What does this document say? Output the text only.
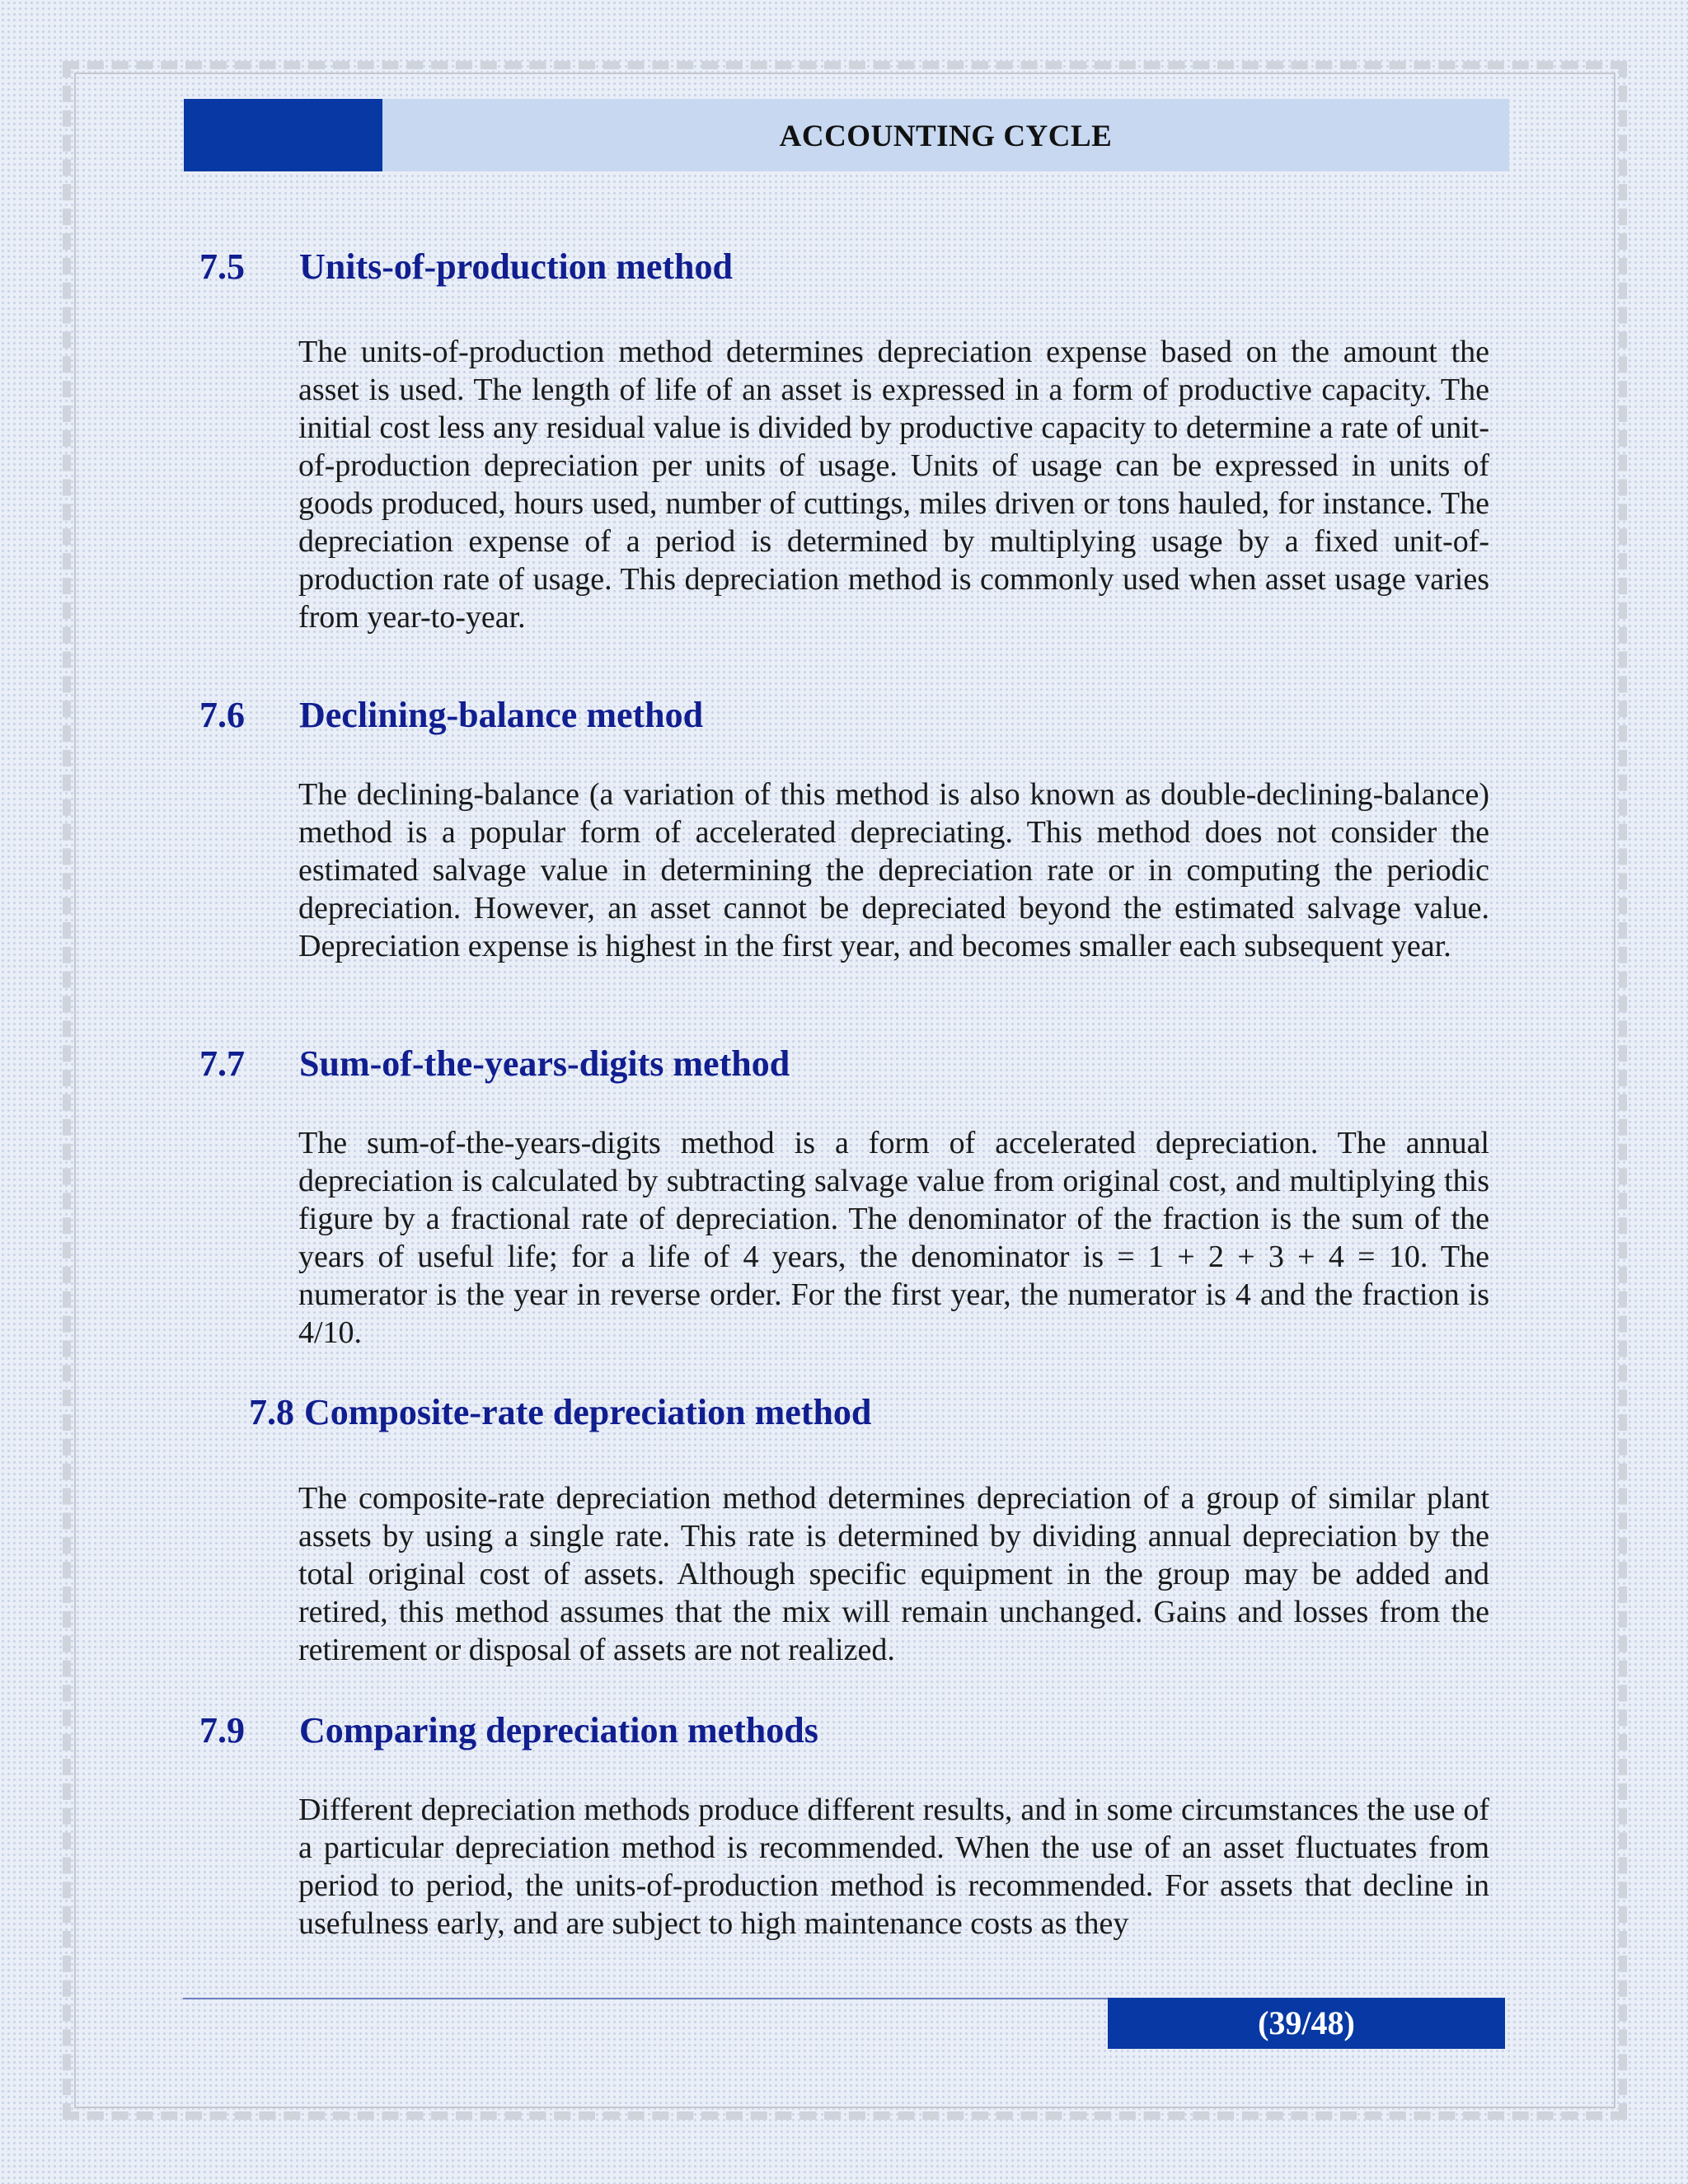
ACCOUNTING CYCLE
7.5 Units-of-production method

The units-of-production method determines depreciation expense based on the amount the asset is used. The length of life of an asset is expressed in a form of productive capacity. The initial cost less any residual value is divided by productive capacity to determine a rate of unit-of-production depreciation per units of usage. Units of usage can be expressed in units of goods produced, hours used, number of cuttings, miles driven or tons hauled, for instance. The depreciation expense of a period is determined by multiplying usage by a fixed unit-of-production rate of usage. This depreciation method is commonly used when asset usage varies from year-to-year.

7.6 Declining-balance method

The declining-balance (a variation of this method is also known as double-declining-balance) method is a popular form of accelerated depreciating. This method does not consider the estimated salvage value in determining the depreciation rate or in computing the periodic depreciation. However, an asset cannot be depreciated beyond the estimated salvage value. Depreciation expense is highest in the first year, and becomes smaller each subsequent year.

7.7 Sum-of-the-years-digits method

The sum-of-the-years-digits method is a form of accelerated depreciation. The annual depreciation is calculated by subtracting salvage value from original cost, and multiplying this figure by a fractional rate of depreciation. The denominator of the fraction is the sum of the years of useful life; for a life of 4 years, the denominator is = 1 + 2 + 3 + 4 = 10. The numerator is the year in reverse order. For the first year, the numerator is 4 and the fraction is 4/10.

7.8 Composite-rate depreciation method

The composite-rate depreciation method determines depreciation of a group of similar plant assets by using a single rate. This rate is determined by dividing annual depreciation by the total original cost of assets. Although specific equipment in the group may be added and retired, this method assumes that the mix will remain unchanged. Gains and losses from the retirement or disposal of assets are not realized.

7.9 Comparing depreciation methods

Different depreciation methods produce different results, and in some circumstances the use of a particular depreciation method is recommended. When the use of an asset fluctuates from period to period, the units-of-production method is recommended. For assets that decline in usefulness early, and are subject to high maintenance costs as they

(39/48)
